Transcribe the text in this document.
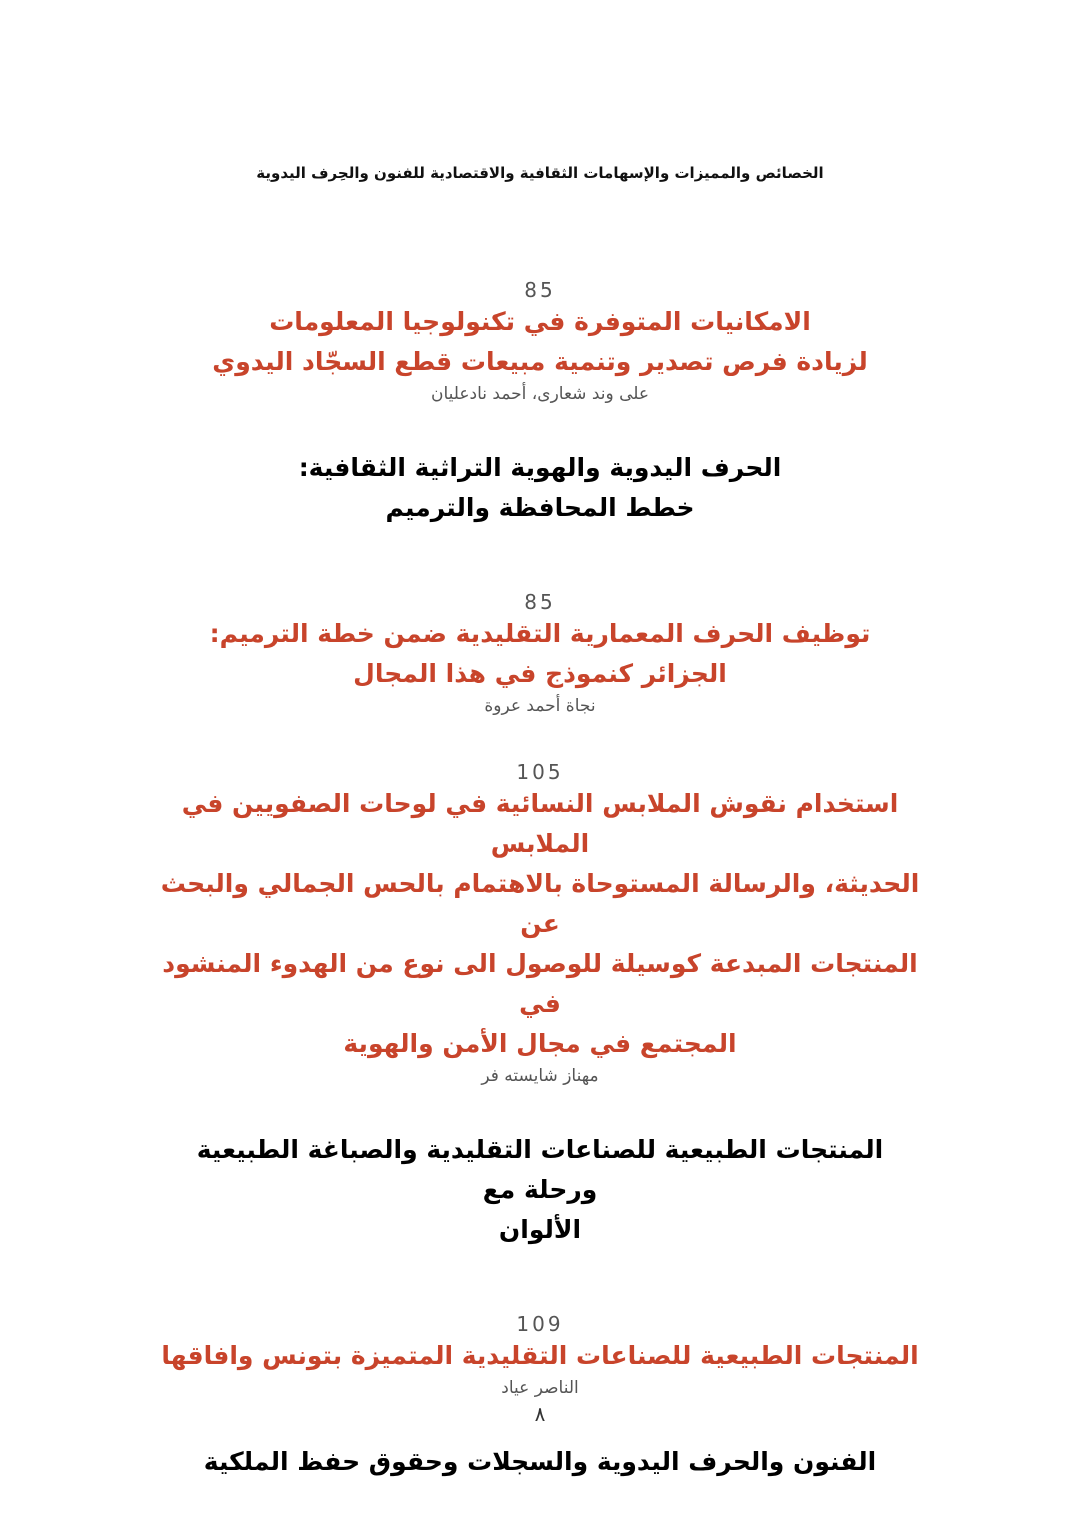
الخصائص والمميزات والإسهامات الثقافية والاقتصادية للفنون والحِرف اليدوية
85
الامكانيات المتوفرة في تكنولوجيا المعلومات
لزيادة فرص تصدير وتنمية مبيعات قطع السجّاد اليدوي
على وند شعارى، أحمد نادعليان
الحرف اليدوية والهوية التراثية الثقافية:
خطط المحافظة والترميم
85
توظيف الحرف المعمارية التقليدية ضمن خطة الترميم:
الجزائر كنموذج في هذا المجال
نجاة أحمد عروة
105
استخدام نقوش الملابس النسائية في لوحات الصفويين في الملابس
الحديثة، والرسالة المستوحاة بالاهتمام بالحس الجمالي والبحث عن
المنتجات المبدعة كوسيلة للوصول الى نوع من الهدوء المنشود في
المجتمع في مجال الأمن والهوية
مهناز شايسته فر
المنتجات الطبيعية للصناعات التقليدية والصباغة الطبيعية ورحلة مع
الألوان
109
المنتجات الطبيعية للصناعات التقليدية المتميزة بتونس وافاقها
الناصر عياد
الفنون والحرف اليدوية والسجلات وحقوق حفظ الملكية
٨
